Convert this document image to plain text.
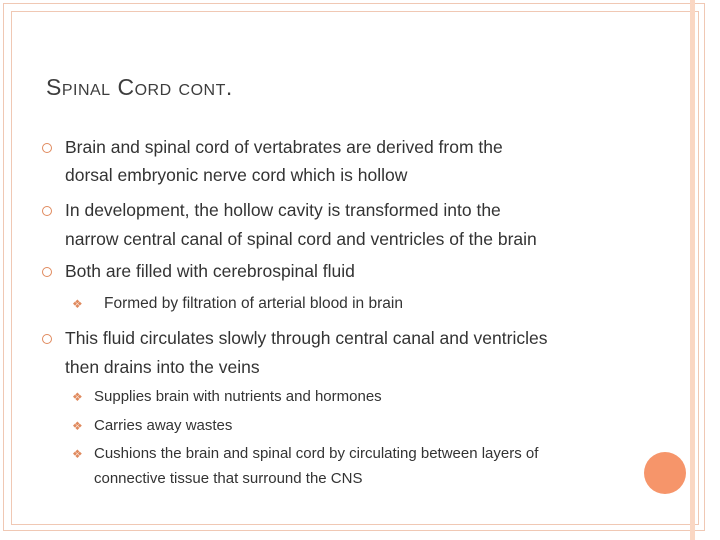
Spinal Cord cont.
Brain and spinal cord of vertabrates are derived from the
dorsal embryonic nerve cord which is hollow
In development, the hollow cavity is transformed into the
narrow central canal of spinal cord and ventricles of the brain
Both are filled with cerebrospinal fluid
❖ Formed by filtration of arterial blood in brain
This fluid circulates slowly through central canal and ventricles
then drains into the veins
❖ Supplies brain with nutrients and hormones
❖ Carries away wastes
❖ Cushions the brain and spinal cord by circulating between layers of
connective tissue that surround the CNS
